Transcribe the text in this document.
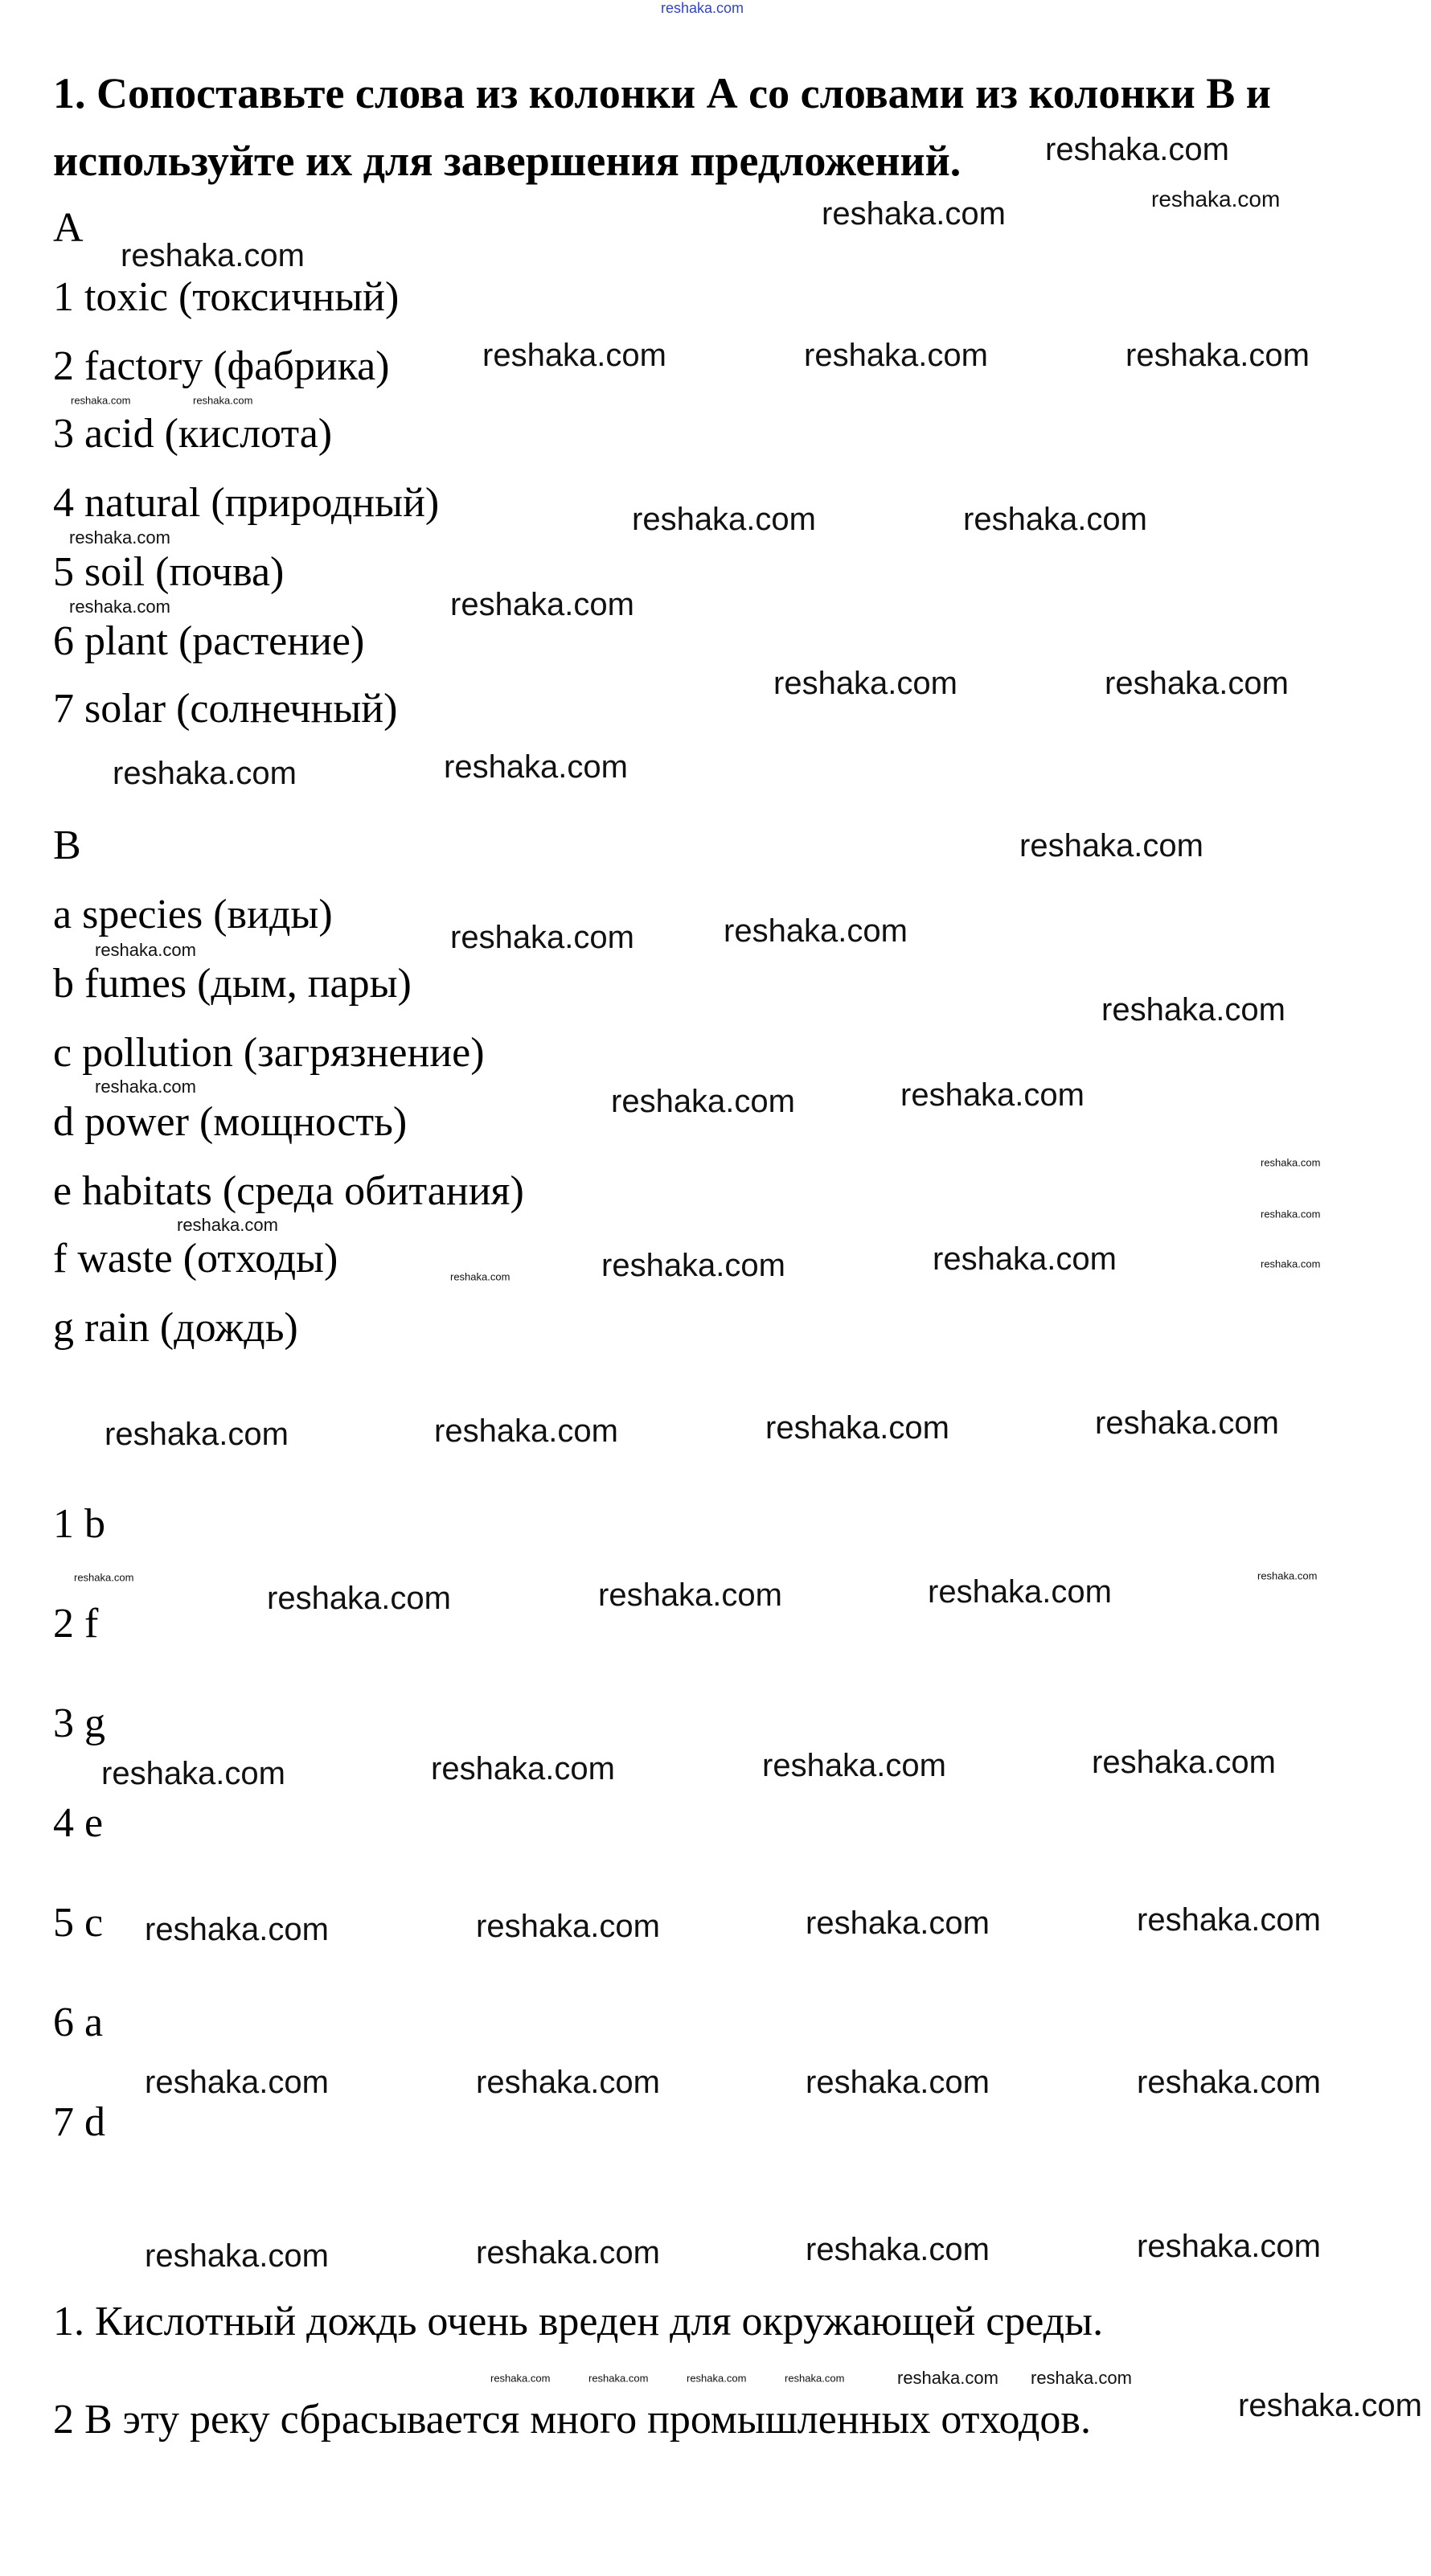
1. Сопоставьте слова из колонки А со словами из колонки В и
используйте их для завершения предложений.
A
1 toxic (токсичный)
2 factory (фабрика)
3 acid (кислота)
4 natural (природный)
5 soil (почва)
6 plant (растение)
7 solar (солнечный)
B
a species (виды)
b fumes (дым, пары)
c pollution (загрязнение)
d power (мощность)
e habitats (среда обитания)
f waste (отходы)
g rain (дождь)
1 b
2 f
3 g
4 e
5 c
6 a
7 d
1. Кислотный дождь очень вреден для окружающей среды.
2 В эту реку сбрасывается много промышленных отходов.
reshaka.com
reshaka.com
reshaka.com	reshaka.com
reshaka.com
reshaka.com	reshaka.com	reshaka.com
reshaka.com	reshaka.com
reshaka.com
reshaka.com	reshaka.com
reshaka.com	reshaka.com
reshaka.com
reshaka.com	reshaka.com
reshaka.com
reshaka.com	reshaka.com
reshaka.com	reshaka.com
reshaka.com	reshaka.com	reshaka.com	reshaka.com
reshaka.com	reshaka.com	reshaka.com
reshaka.com	reshaka.com	reshaka.com	reshaka.com
reshaka.com	reshaka.com	reshaka.com	reshaka.com
reshaka.com	reshaka.com	reshaka.com	reshaka.com
reshaka.com	reshaka.com	reshaka.com	reshaka.com
reshaka.com
reshaka.com	reshaka.com
reshaka.com
reshaka.com
reshaka.com
reshaka.com
reshaka.com
reshaka.com
reshaka.com
reshaka.com
reshaka.com
reshaka.com
reshaka.com
reshaka.com	reshaka.com	reshaka.com	reshaka.com	reshaka.com reshaka.com
